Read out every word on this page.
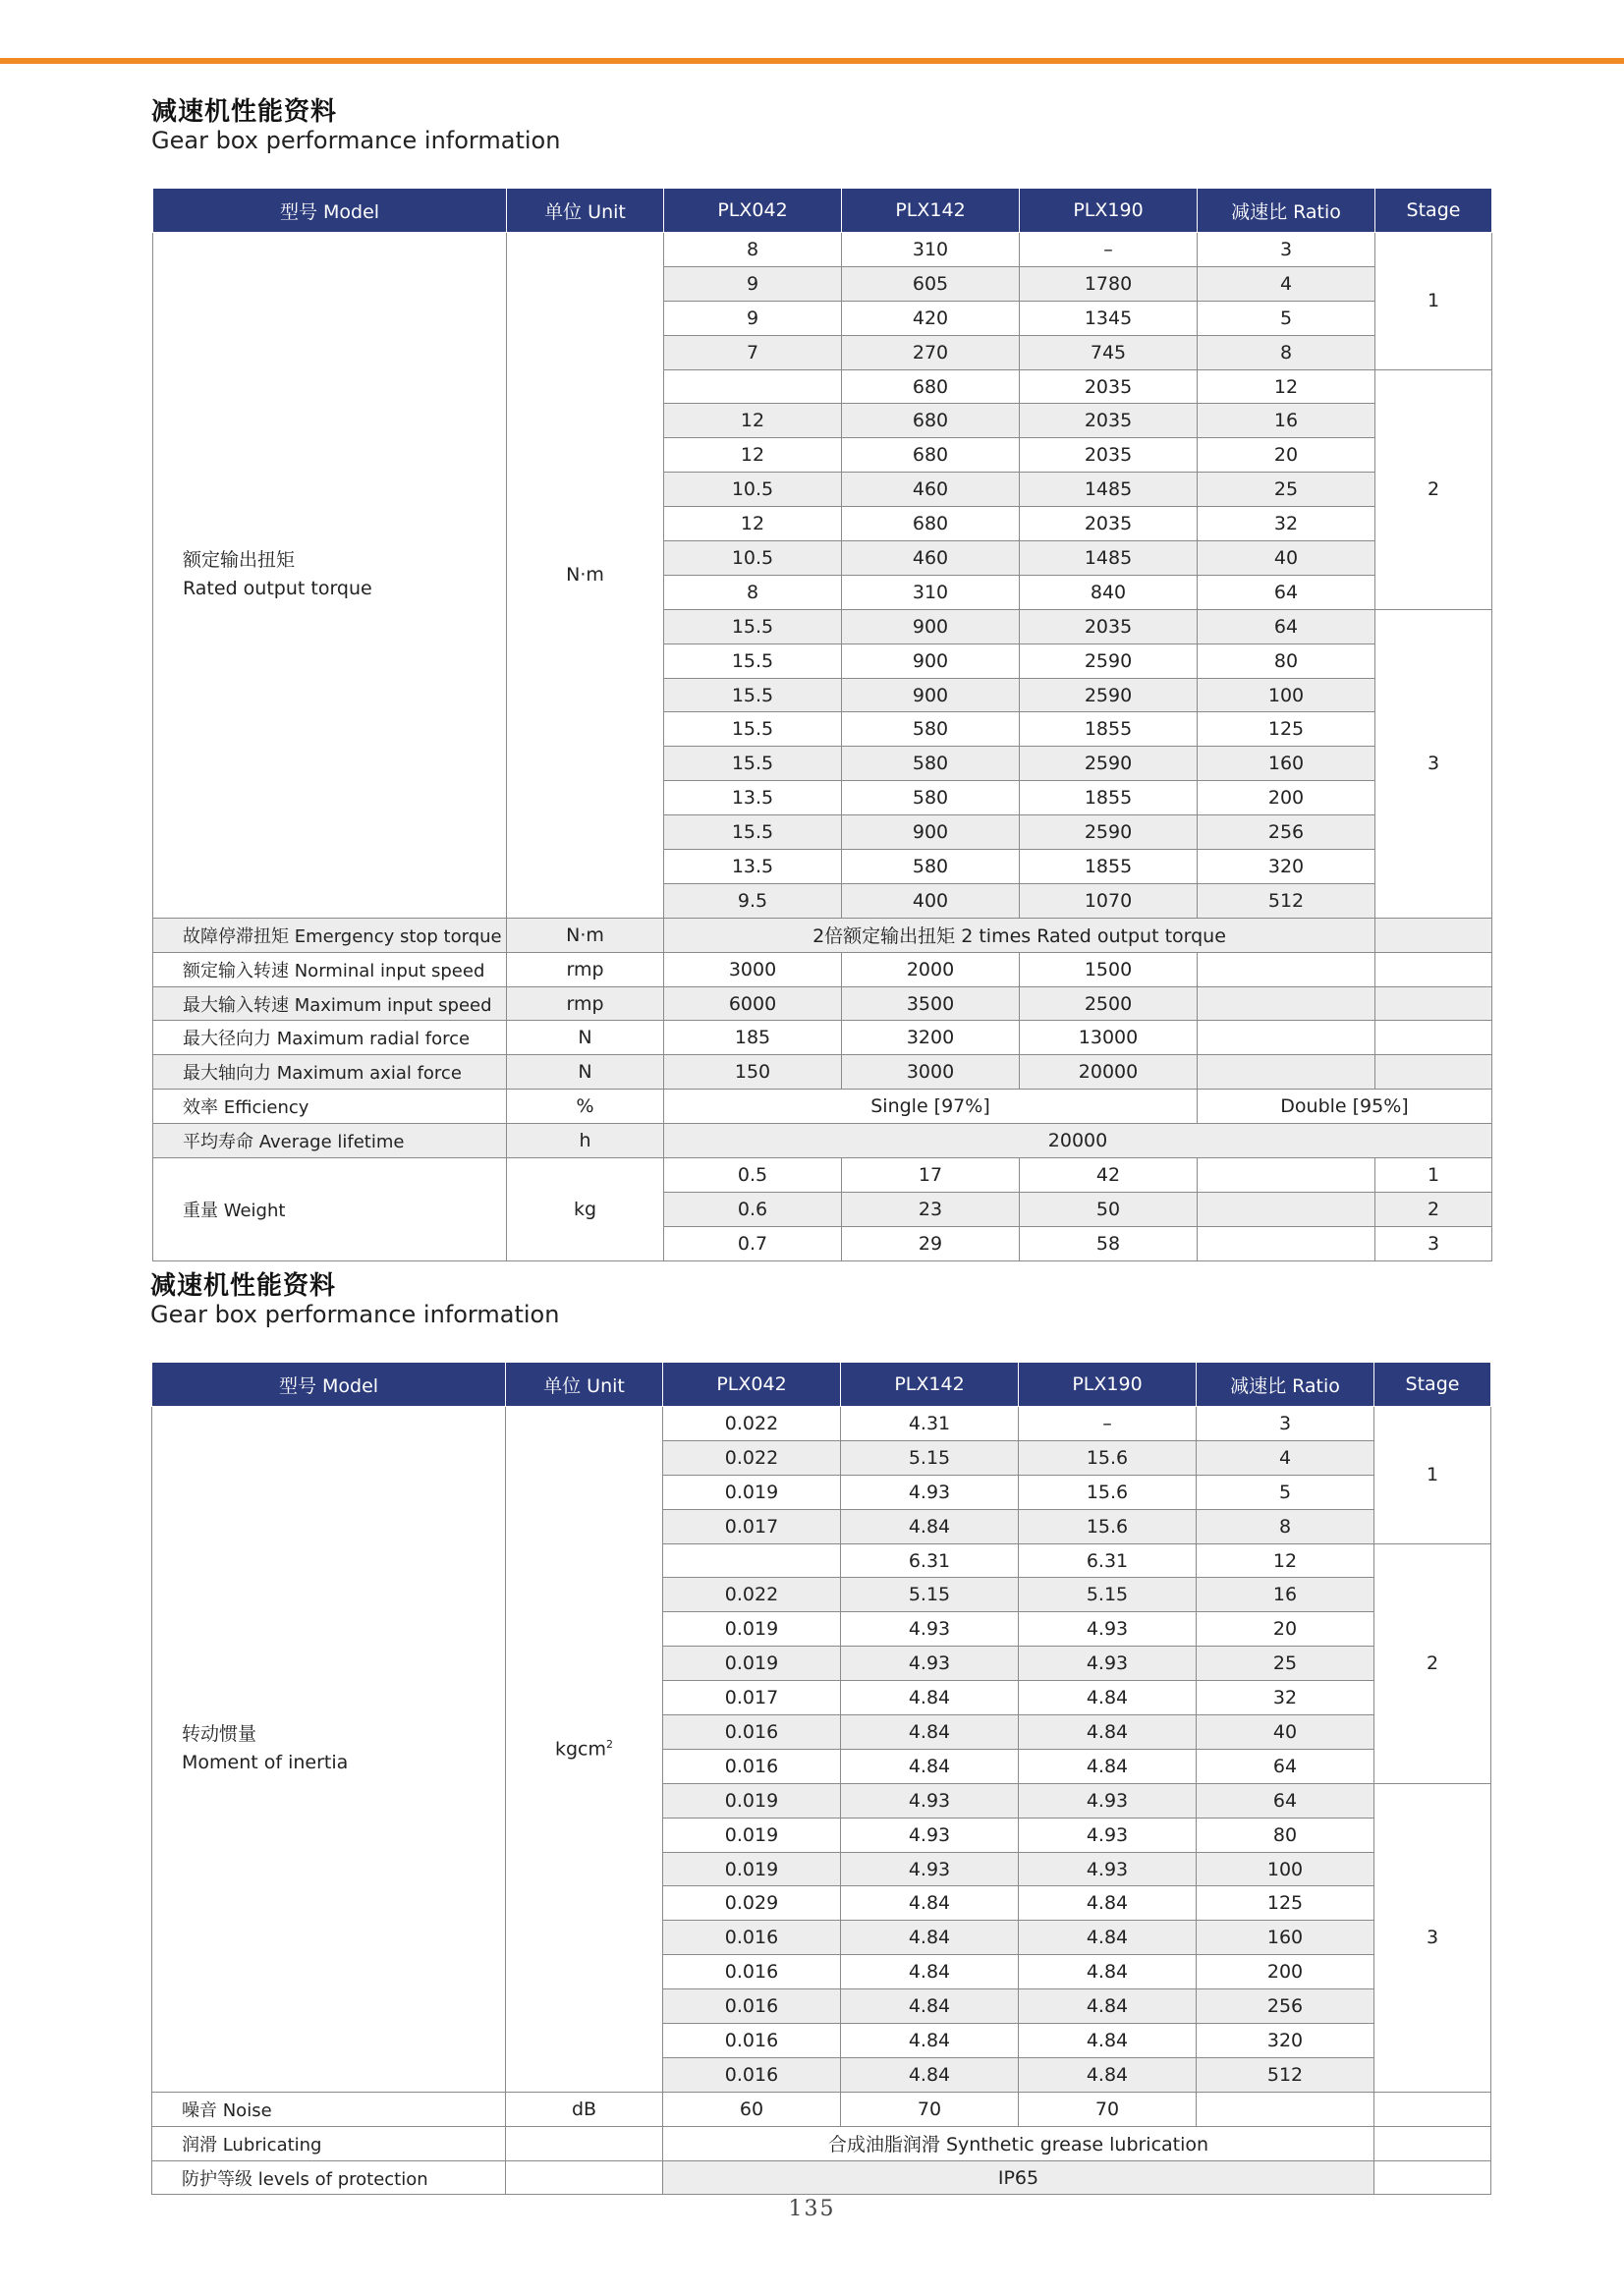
减速机性能资料
Gear box performance information
型号 Model	单位 Unit	PLX042	PLX142	PLX190	减速比 Ratio	Stage
额定输出扭矩
Rated output torque	N·m	8	310	–	3	1
		9	605	1780	4	
		9	420	1345	5	
		7	270	745	8	
			680	2035	12	2
		12	680	2035	16	
		12	680	2035	20	
		10.5	460	1485	25	
		12	680	2035	32	
		10.5	460	1485	40	
		8	310	840	64	
		15.5	900	2035	64	3
		15.5	900	2590	80	
		15.5	900	2590	100	
		15.5	580	1855	125	
		15.5	580	2590	160	
		13.5	580	1855	200	
		15.5	900	2590	256	
		13.5	580	1855	320	
		9.5	400	1070	512	
故障停滞扭矩 Emergency stop torque	N·m	2倍额定输出扭矩 2 times Rated output torque				
额定输入转速 Norminal input speed	rmp	3000	2000	1500		
最大输入转速 Maximum input speed	rmp	6000	3500	2500		
最大径向力 Maximum radial force	N	185	3200	13000		
最大轴向力 Maximum axial force	N	150	3000	20000		
效率 Efficiency	%	Single [97%]			Double [95%]	
平均寿命 Average lifetime	h	20000				
重量 Weight	kg	0.5	17	42		1
		0.6	23	50		2
		0.7	29	58		3
减速机性能资料
Gear box performance information
型号 Model	单位 Unit	PLX042	PLX142	PLX190	减速比 Ratio	Stage
转动惯量
Moment of inertia	kgcm$^2$	0.022	4.31	–	3	1
		0.022	5.15	15.6	4	
		0.019	4.93	15.6	5	
		0.017	4.84	15.6	8	
			6.31	6.31	12	2
		0.022	5.15	5.15	16	
		0.019	4.93	4.93	20	
		0.019	4.93	4.93	25	
		0.017	4.84	4.84	32	
		0.016	4.84	4.84	40	
		0.016	4.84	4.84	64	
		0.019	4.93	4.93	64	3
		0.019	4.93	4.93	80	
		0.019	4.93	4.93	100	
		0.029	4.84	4.84	125	
		0.016	4.84	4.84	160	
		0.016	4.84	4.84	200	
		0.016	4.84	4.84	256	
		0.016	4.84	4.84	320	
		0.016	4.84	4.84	512	
噪音 Noise	dB	60	70	70		
润滑 Lubricating		合成油脂润滑 Synthetic grease lubrication				
防护等级 levels of protection		IP65				
135
